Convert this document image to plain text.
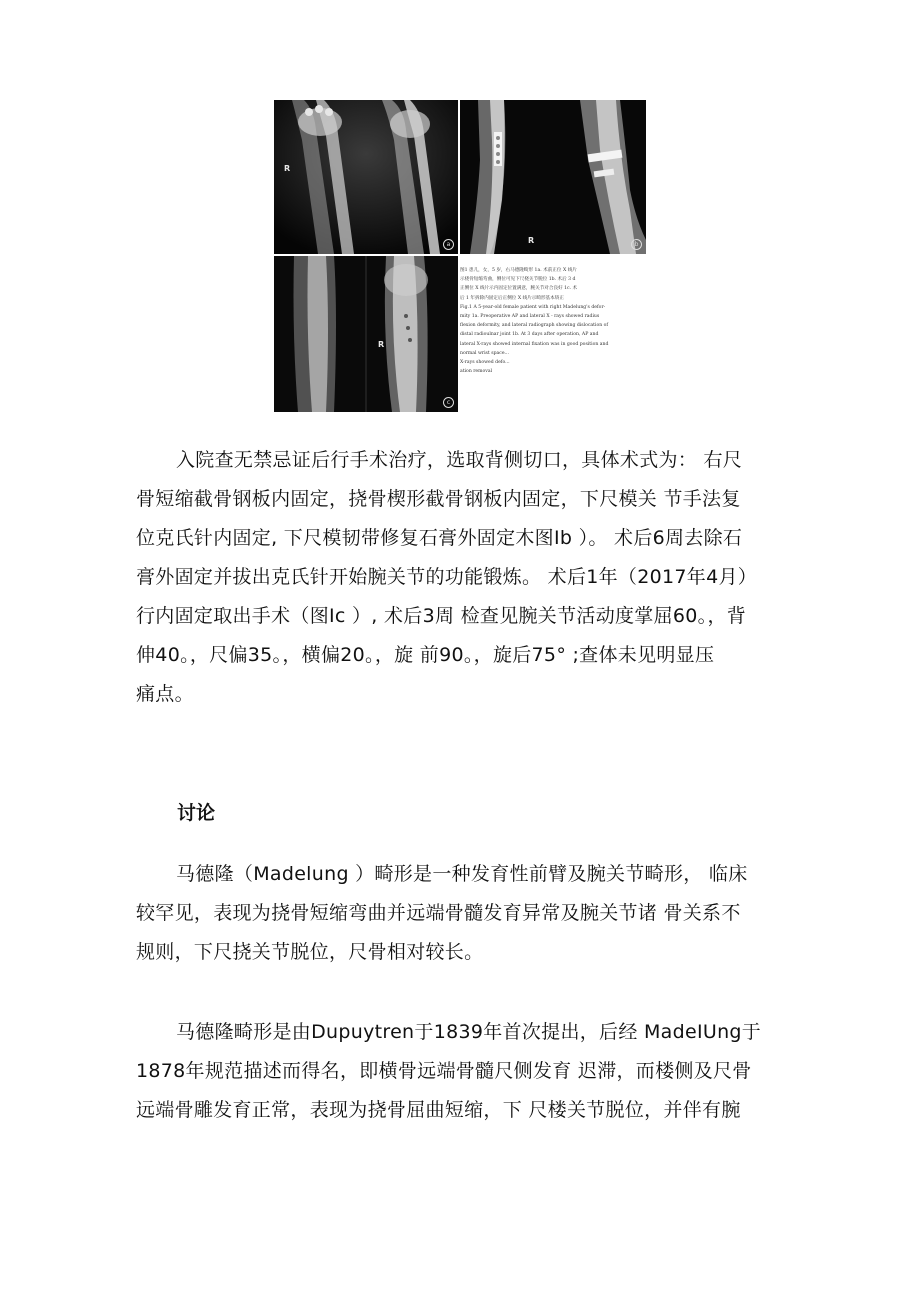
R
a	R	b
R
c
图1 患儿，女，5 岁，右马德隆畸形 1a. 术前正位 X 线片
示桡骨短缩弯曲，侧位可见下尺桡关节脱位 1b. 术后 3 d
正侧位 X 线片示内固定位置满意，腕关节对合良好 1c. 术
后 1 年拆除内固定后正侧位 X 线片示畸形基本矫正
Fig.1 A 5-year-old female patient with right Madelung's defor-
mity 1a. Preoperative AP and lateral X - rays showed radius
flexion deformity, and lateral radiograph showing dislocation of
distal radioulnar joint 1b. At 3 days after operation, AP and
lateral X-rays showed internal fixation was in good position and
normal wrist space...
X-rays showed defo...
ation removal
入院查无禁忌证后行手术治疗，选取背侧切口，具体术式为： 右尺
骨短缩截骨钢板内固定，挠骨楔形截骨钢板内固定，下尺模关 节手法复
位克氏针内固定, 下尺模韧带修复石膏外固定木图Ib ）。 术后6周去除石
膏外固定并拔出克氏针开始腕关节的功能锻炼。 术后1年（2017年4月）
行内固定取出手术（图Ic ）, 术后3周 检查见腕关节活动度掌屈60。，背
伸40。，尺偏35。，横偏20。，旋 前90。，旋后75° ;查体未见明显压
痛点。
讨论
马德隆（Madelung ）畸形是一种发育性前臂及腕关节畸形， 临床
较罕见，表现为挠骨短缩弯曲并远端骨髓发育异常及腕关节诸 骨关系不
规则，下尺挠关节脱位，尺骨相对较长。
马德隆畸形是由Dupuytren于1839年首次提出，后经 MadeIUng于
1878年规范描述而得名，即横骨远端骨髓尺侧发育 迟滞，而楼侧及尺骨
远端骨雕发育正常，表现为挠骨屈曲短缩，下 尺楼关节脱位，并伴有腕
